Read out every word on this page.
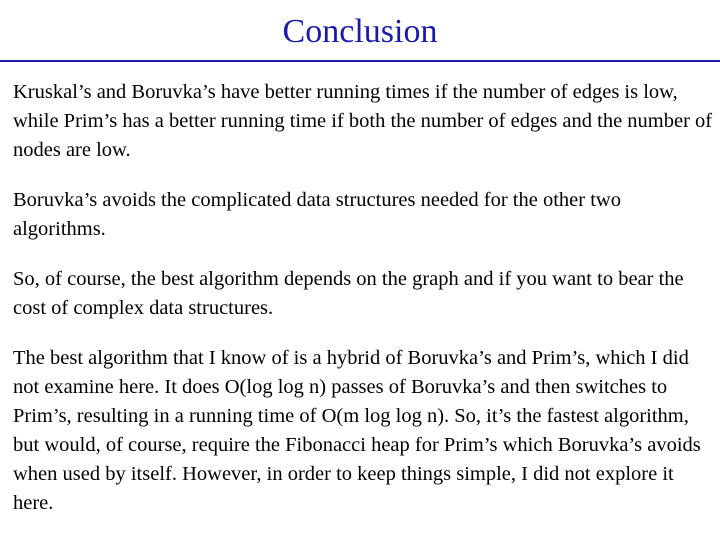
Conclusion

Kruskal’s and Boruvka’s have better running times if the number of edges is low, while Prim’s has a better running time if both the number of edges and the number of nodes are low.

Boruvka’s avoids the complicated data structures needed for the other two algorithms.

So, of course, the best algorithm depends on the graph and if you want to bear the cost of complex data structures.

The best algorithm that I know of is a hybrid of Boruvka’s and Prim’s, which I did not examine here. It does O(log log n) passes of Boruvka’s and then switches to Prim’s, resulting in a running time of O(m log log n). So, it’s the fastest algorithm, but would, of course, require the Fibonacci heap for Prim’s which Boruvka’s avoids when used by itself. However, in order to keep things simple, I did not explore it here.
